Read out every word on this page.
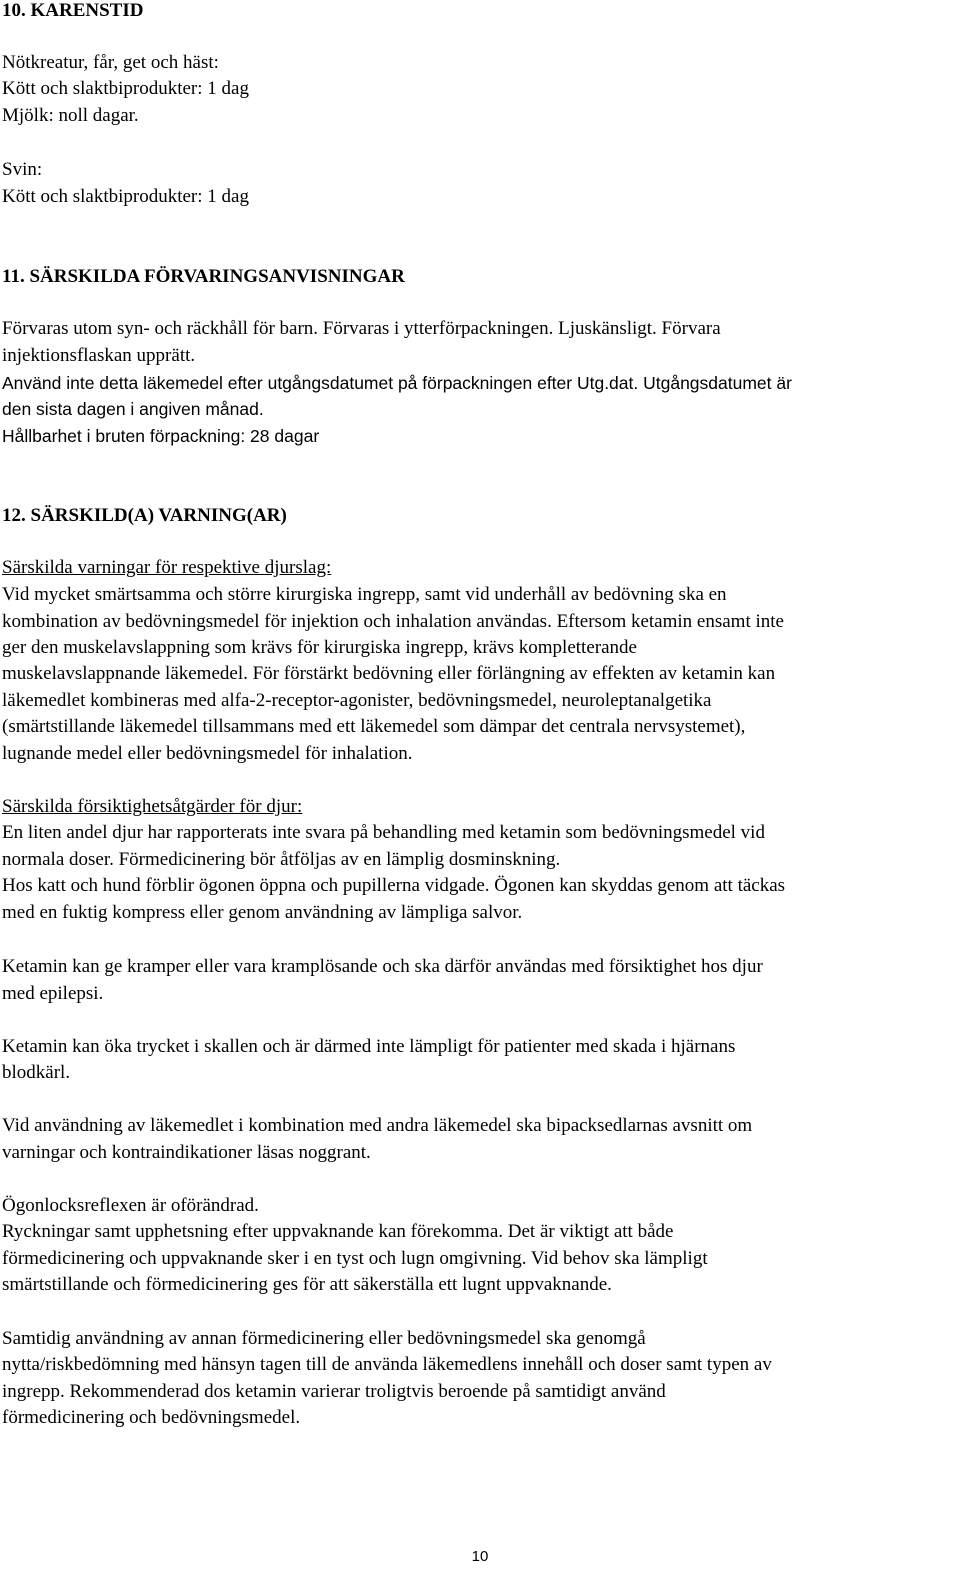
10. KARENSTID
Nötkreatur, får, get och häst:
Kött och slaktbiprodukter: 1 dag
Mjölk: noll dagar.
Svin:
Kött och slaktbiprodukter: 1 dag
11. SÄRSKILDA FÖRVARINGSANVISNINGAR
Förvaras utom syn- och räckhåll för barn. Förvaras i ytterförpackningen. Ljuskänsligt. Förvara
injektionsflaskan upprätt.
Använd inte detta läkemedel efter utgångsdatumet på förpackningen efter Utg.dat. Utgångsdatumet är
den sista dagen i angiven månad.
Hållbarhet i bruten förpackning: 28 dagar
12. SÄRSKILD(A) VARNING(AR)
Särskilda varningar för respektive djurslag:
Vid mycket smärtsamma och större kirurgiska ingrepp, samt vid underhåll av bedövning ska en
kombination av bedövningsmedel för injektion och inhalation användas. Eftersom ketamin ensamt inte
ger den muskelavslappning som krävs för kirurgiska ingrepp, krävs kompletterande
muskelavslappnande läkemedel. För förstärkt bedövning eller förlängning av effekten av ketamin kan
läkemedlet kombineras med alfa-2-receptor-agonister, bedövningsmedel, neuroleptanalgetika
(smärtstillande läkemedel tillsammans med ett läkemedel som dämpar det centrala nervsystemet),
lugnande medel eller bedövningsmedel för inhalation.
Särskilda försiktighetsåtgärder för djur:
En liten andel djur har rapporterats inte svara på behandling med ketamin som bedövningsmedel vid
normala doser. Förmedicinering bör åtföljas av en lämplig dosminskning.
Hos katt och hund förblir ögonen öppna och pupillerna vidgade. Ögonen kan skyddas genom att täckas
med en fuktig kompress eller genom användning av lämpliga salvor.
Ketamin kan ge kramper eller vara kramplösande och ska därför användas med försiktighet hos djur
med epilepsi.
Ketamin kan öka trycket i skallen och är därmed inte lämpligt för patienter med skada i hjärnans
blodkärl.
Vid användning av läkemedlet i kombination med andra läkemedel ska bipacksedlarnas avsnitt om
varningar och kontraindikationer läsas noggrant.
Ögonlocksreflexen är oförändrad.
Ryckningar samt upphetsning efter uppvaknande kan förekomma. Det är viktigt att både
förmedicinering och uppvaknande sker i en tyst och lugn omgivning. Vid behov ska lämpligt
smärtstillande och förmedicinering ges för att säkerställa ett lugnt uppvaknande.
Samtidig användning av annan förmedicinering eller bedövningsmedel ska genomgå
nytta/riskbedömning med hänsyn tagen till de använda läkemedlens innehåll och doser samt typen av
ingrepp. Rekommenderad dos ketamin varierar troligtvis beroende på samtidigt använd
förmedicinering och bedövningsmedel.
10
